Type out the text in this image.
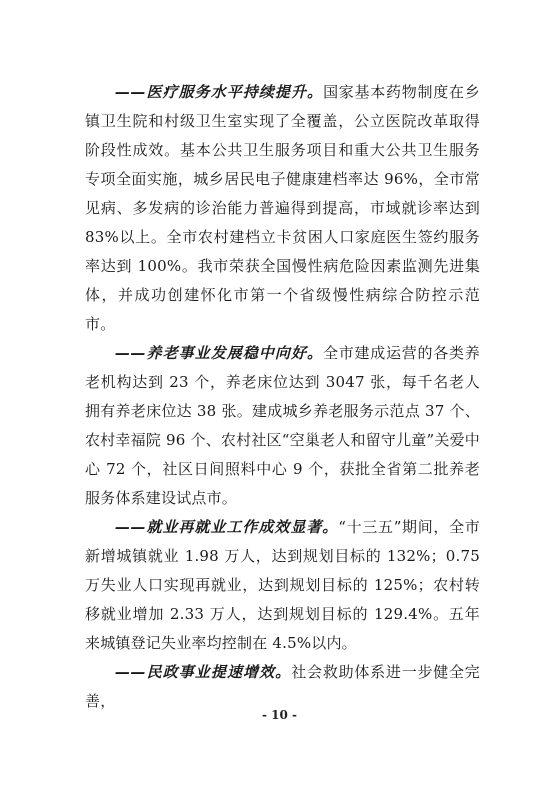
——医疗服务水平持续提升。国家基本药物制度在乡镇卫生院和村级卫生室实现了全覆盖，公立医院改革取得阶段性成效。基本公共卫生服务项目和重大公共卫生服务专项全面实施，城乡居民电子健康建档率达 96%，全市常见病、多发病的诊治能力普遍得到提高，市域就诊率达到 83%以上。全市农村建档立卡贫困人口家庭医生签约服务率达到 100%。我市荣获全国慢性病危险因素监测先进集体，并成功创建怀化市第一个省级慢性病综合防控示范市。

——养老事业发展稳中向好。全市建成运营的各类养老机构达到 23 个，养老床位达到 3047 张，每千名老人拥有养老床位达 38 张。建成城乡养老服务示范点 37 个、农村幸福院 96 个、农村社区“空巢老人和留守儿童”关爱中心 72 个，社区日间照料中心 9 个，获批全省第二批养老服务体系建设试点市。

——就业再就业工作成效显著。“十三五”期间，全市新增城镇就业 1.98 万人，达到规划目标的 132%；0.75 万失业人口实现再就业，达到规划目标的 125%；农村转移就业增加 2.33 万人，达到规划目标的 129.4%。五年来城镇登记失业率均控制在 4.5%以内。

——民政事业提速增效。社会救助体系进一步健全完善，

- 10 -
